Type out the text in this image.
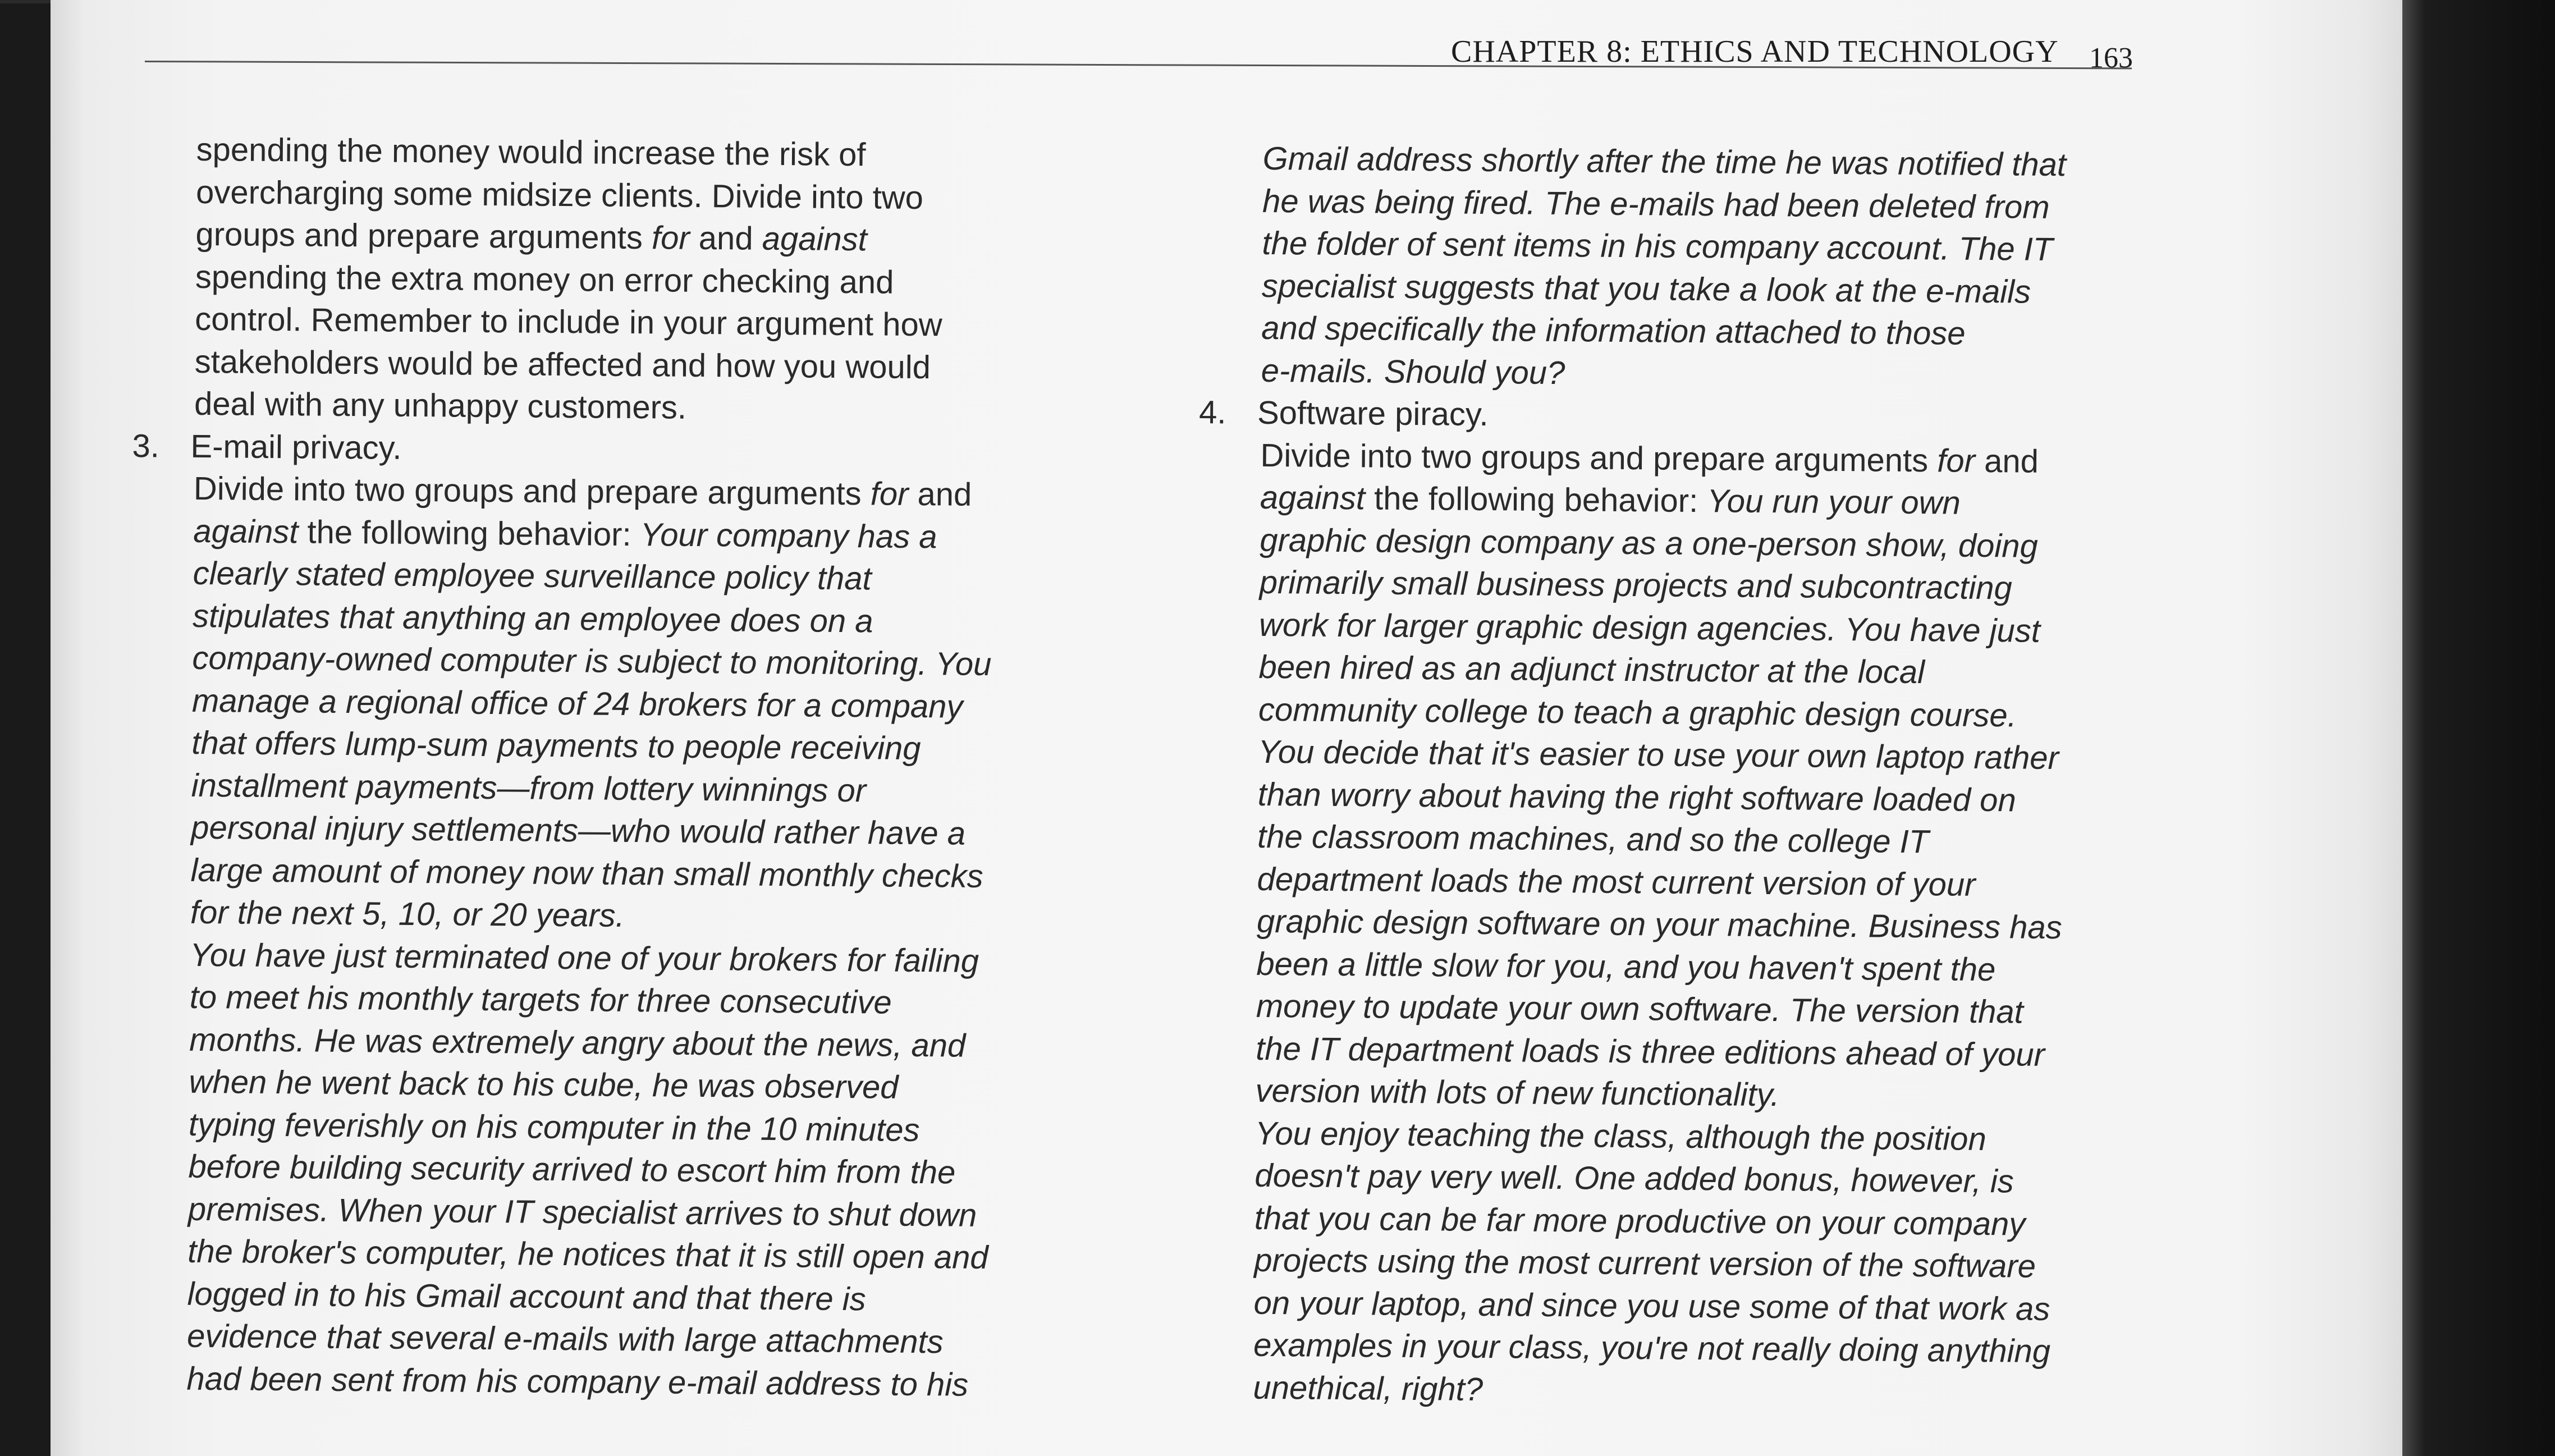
CHAPTER 8: ETHICS AND TECHNOLOGY 163
spending the money would increase the risk of
overcharging some midsize clients. Divide into two
groups and prepare arguments for and against
spending the extra money on error checking and
control. Remember to include in your argument how
stakeholders would be affected and how you would
deal with any unhappy customers.
3. E-mail privacy.
Divide into two groups and prepare arguments for and
against the following behavior: Your company has a
clearly stated employee surveillance policy that
stipulates that anything an employee does on a
company-owned computer is subject to monitoring. You
manage a regional office of 24 brokers for a company
that offers lump-sum payments to people receiving
installment payments—from lottery winnings or
personal injury settlements—who would rather have a
large amount of money now than small monthly checks
for the next 5, 10, or 20 years.
You have just terminated one of your brokers for failing
to meet his monthly targets for three consecutive
months. He was extremely angry about the news, and
when he went back to his cube, he was observed
typing feverishly on his computer in the 10 minutes
before building security arrived to escort him from the
premises. When your IT specialist arrives to shut down
the broker's computer, he notices that it is still open and
logged in to his Gmail account and that there is
evidence that several e-mails with large attachments
had been sent from his company e-mail address to his
Gmail address shortly after the time he was notified that
he was being fired. The e-mails had been deleted from
the folder of sent items in his company account. The IT
specialist suggests that you take a look at the e-mails
and specifically the information attached to those
e-mails. Should you?
4. Software piracy.
Divide into two groups and prepare arguments for and
against the following behavior: You run your own
graphic design company as a one-person show, doing
primarily small business projects and subcontracting
work for larger graphic design agencies. You have just
been hired as an adjunct instructor at the local
community college to teach a graphic design course.
You decide that it's easier to use your own laptop rather
than worry about having the right software loaded on
the classroom machines, and so the college IT
department loads the most current version of your
graphic design software on your machine. Business has
been a little slow for you, and you haven't spent the
money to update your own software. The version that
the IT department loads is three editions ahead of your
version with lots of new functionality.
You enjoy teaching the class, although the position
doesn't pay very well. One added bonus, however, is
that you can be far more productive on your company
projects using the most current version of the software
on your laptop, and since you use some of that work as
examples in your class, you're not really doing anything
unethical, right?
